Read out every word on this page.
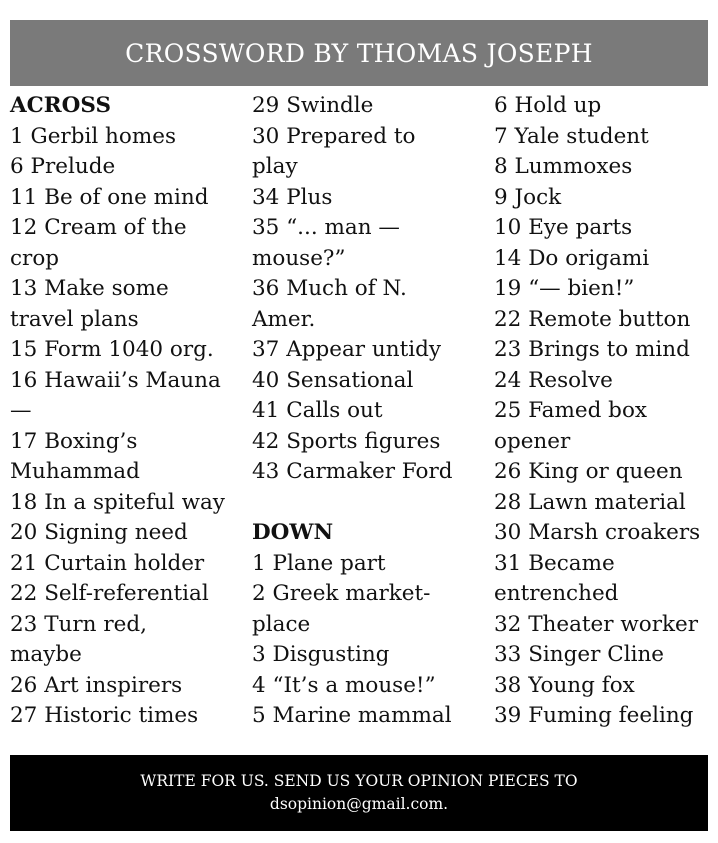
CROSSWORD BY THOMAS JOSEPH

ACROSS

1 Gerbil homes

6 Prelude

11 Be of one mind

12 Cream of the

crop

13 Make some

travel plans

15 Form 1040 org.

16 Hawaii’s Mauna

—

17 Boxing’s

Muhammad

18 In a spiteful way

20 Signing need

21 Curtain holder

22 Self-referential

23 Turn red,

maybe

26 Art inspirers

27 Historic times

29 Swindle

30 Prepared to

play

34 Plus

35 “... man —

mouse?”

36 Much of N.

Amer.

37 Appear untidy

40 Sensational

41 Calls out

42 Sports figures

43 Carmaker Ford

DOWN

1 Plane part

2 Greek market-

place

3 Disgusting

4 “It’s a mouse!”

5 Marine mammal

6 Hold up

7 Yale student

8 Lummoxes

9 Jock

10 Eye parts

14 Do origami

19 “— bien!”

22 Remote button

23 Brings to mind

24 Resolve

25 Famed box

opener

26 King or queen

28 Lawn material

30 Marsh croakers

31 Became

entrenched

32 Theater worker

33 Singer Cline

38 Young fox

39 Fuming feeling

WRITE FOR US. SEND US YOUR OPINION PIECES TO
dsopinion@gmail.com.
